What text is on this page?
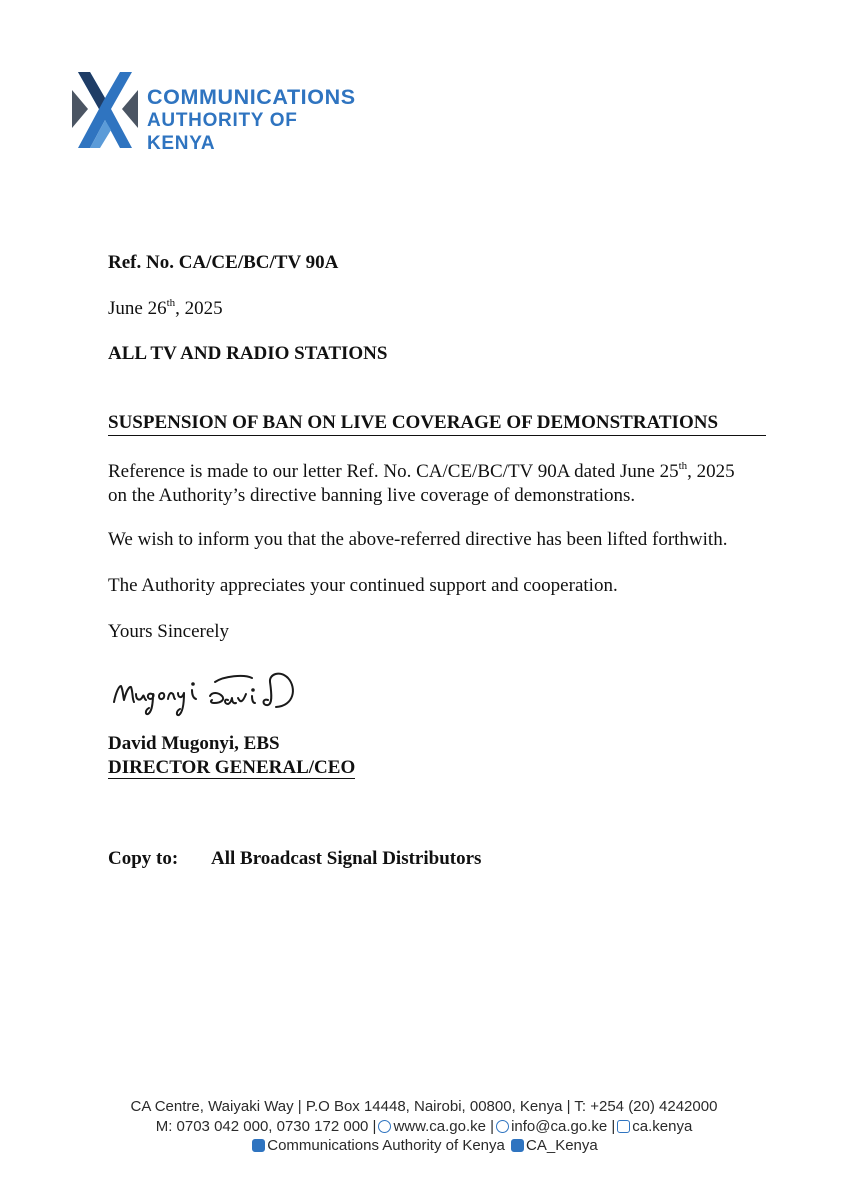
COMMUNICATIONS
AUTHORITY OF KENYA
Ref. No. CA/CE/BC/TV 90A
June 26th, 2025
ALL TV AND RADIO STATIONS
SUSPENSION OF BAN ON LIVE COVERAGE OF DEMONSTRATIONS
Reference is made to our letter Ref. No. CA/CE/BC/TV 90A dated June 25th, 2025
on the Authority’s directive banning live coverage of demonstrations.
We wish to inform you that the above-referred directive has been lifted forthwith.
The Authority appreciates your continued support and cooperation.
Yours Sincerely
David Mugonyi, EBS
DIRECTOR GENERAL/CEO
Copy to: All Broadcast Signal Distributors
CA Centre, Waiyaki Way | P.O Box 14448, Nairobi, 00800, Kenya | T: +254 (20) 4242000
M: 0703 042 000, 0730 172 000 | www.ca.go.ke | info@ca.go.ke | ca.kenya
Communications Authority of Kenya CA_Kenya
